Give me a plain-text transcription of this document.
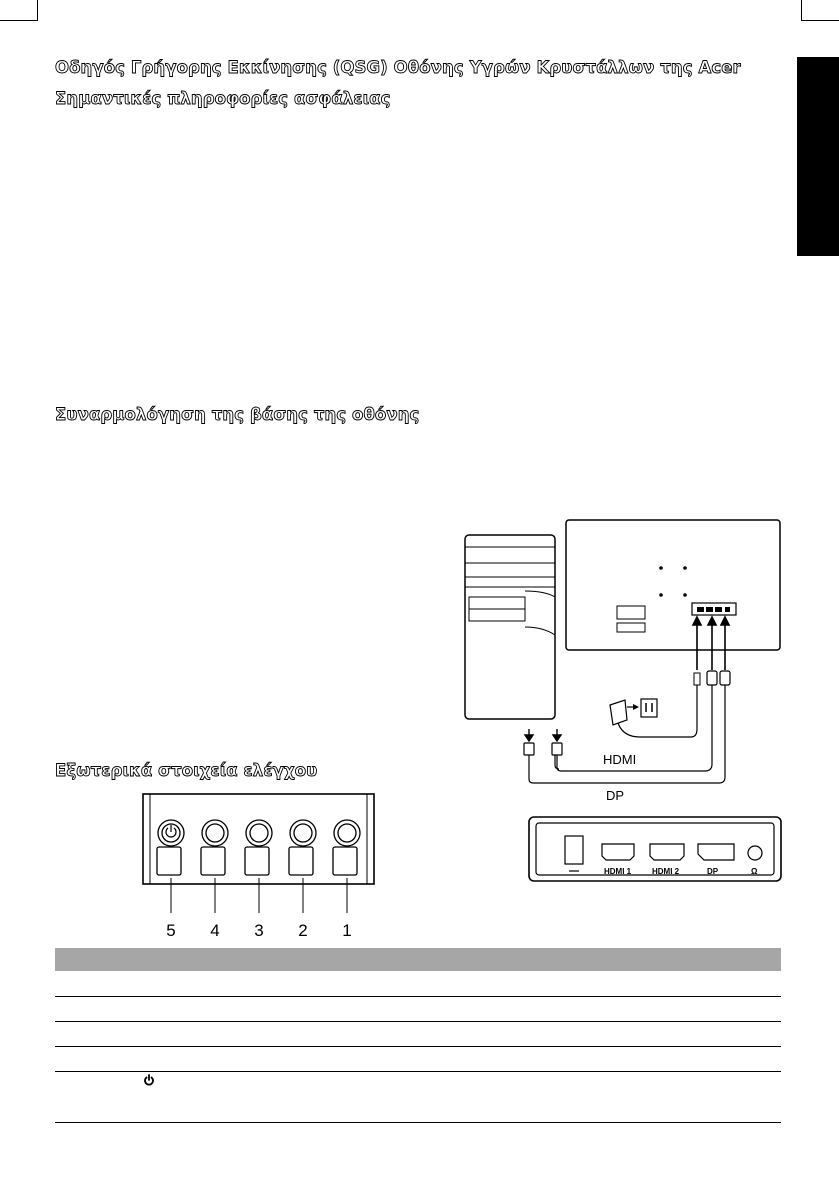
Οδηγός Γρήγορης Εκκίνησης (QSG) Οθόνης Υγρών Κρυστάλλων της Acer
Σημαντικές πληροφορίες ασφάλειας
Συναρμολόγηση της βάσης της οθόνης
Εξωτερικά στοιχεία ελέγχου
HDMI
DP
HDMI 1	HDMI 2	DP	Ω
5	4	3	2	1
